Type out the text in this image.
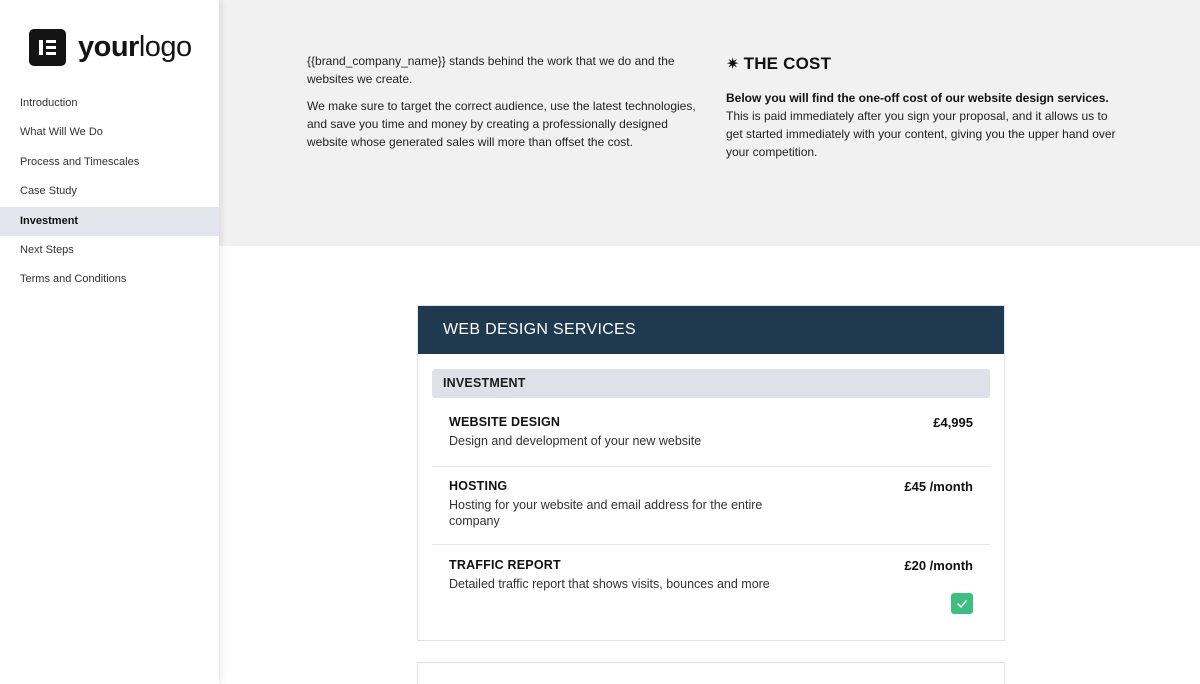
yourlogo
Introduction
What Will We Do
Process and Timescales
Case Study
Investment
Next Steps
Terms and Conditions

{{brand_company_name}} stands behind the work that we do and the websites we create.

We make sure to target the correct audience, use the latest technologies, and save you time and money by creating a professionally designed website whose generated sales will more than offset the cost.

✷ THE COST
Below you will find the one-off cost of our website design services.
This is paid immediately after you sign your proposal, and it allows us to get started immediately with your content, giving you the upper hand over your competition.
WEB DESIGN SERVICES
INVESTMENT
WEBSITE DESIGN
Design and development of your new website
£4,995
HOSTING
Hosting for your website and email address for the entire company
£45 /month
TRAFFIC REPORT
Detailed traffic report that shows visits, bounces and more
£20 /month
